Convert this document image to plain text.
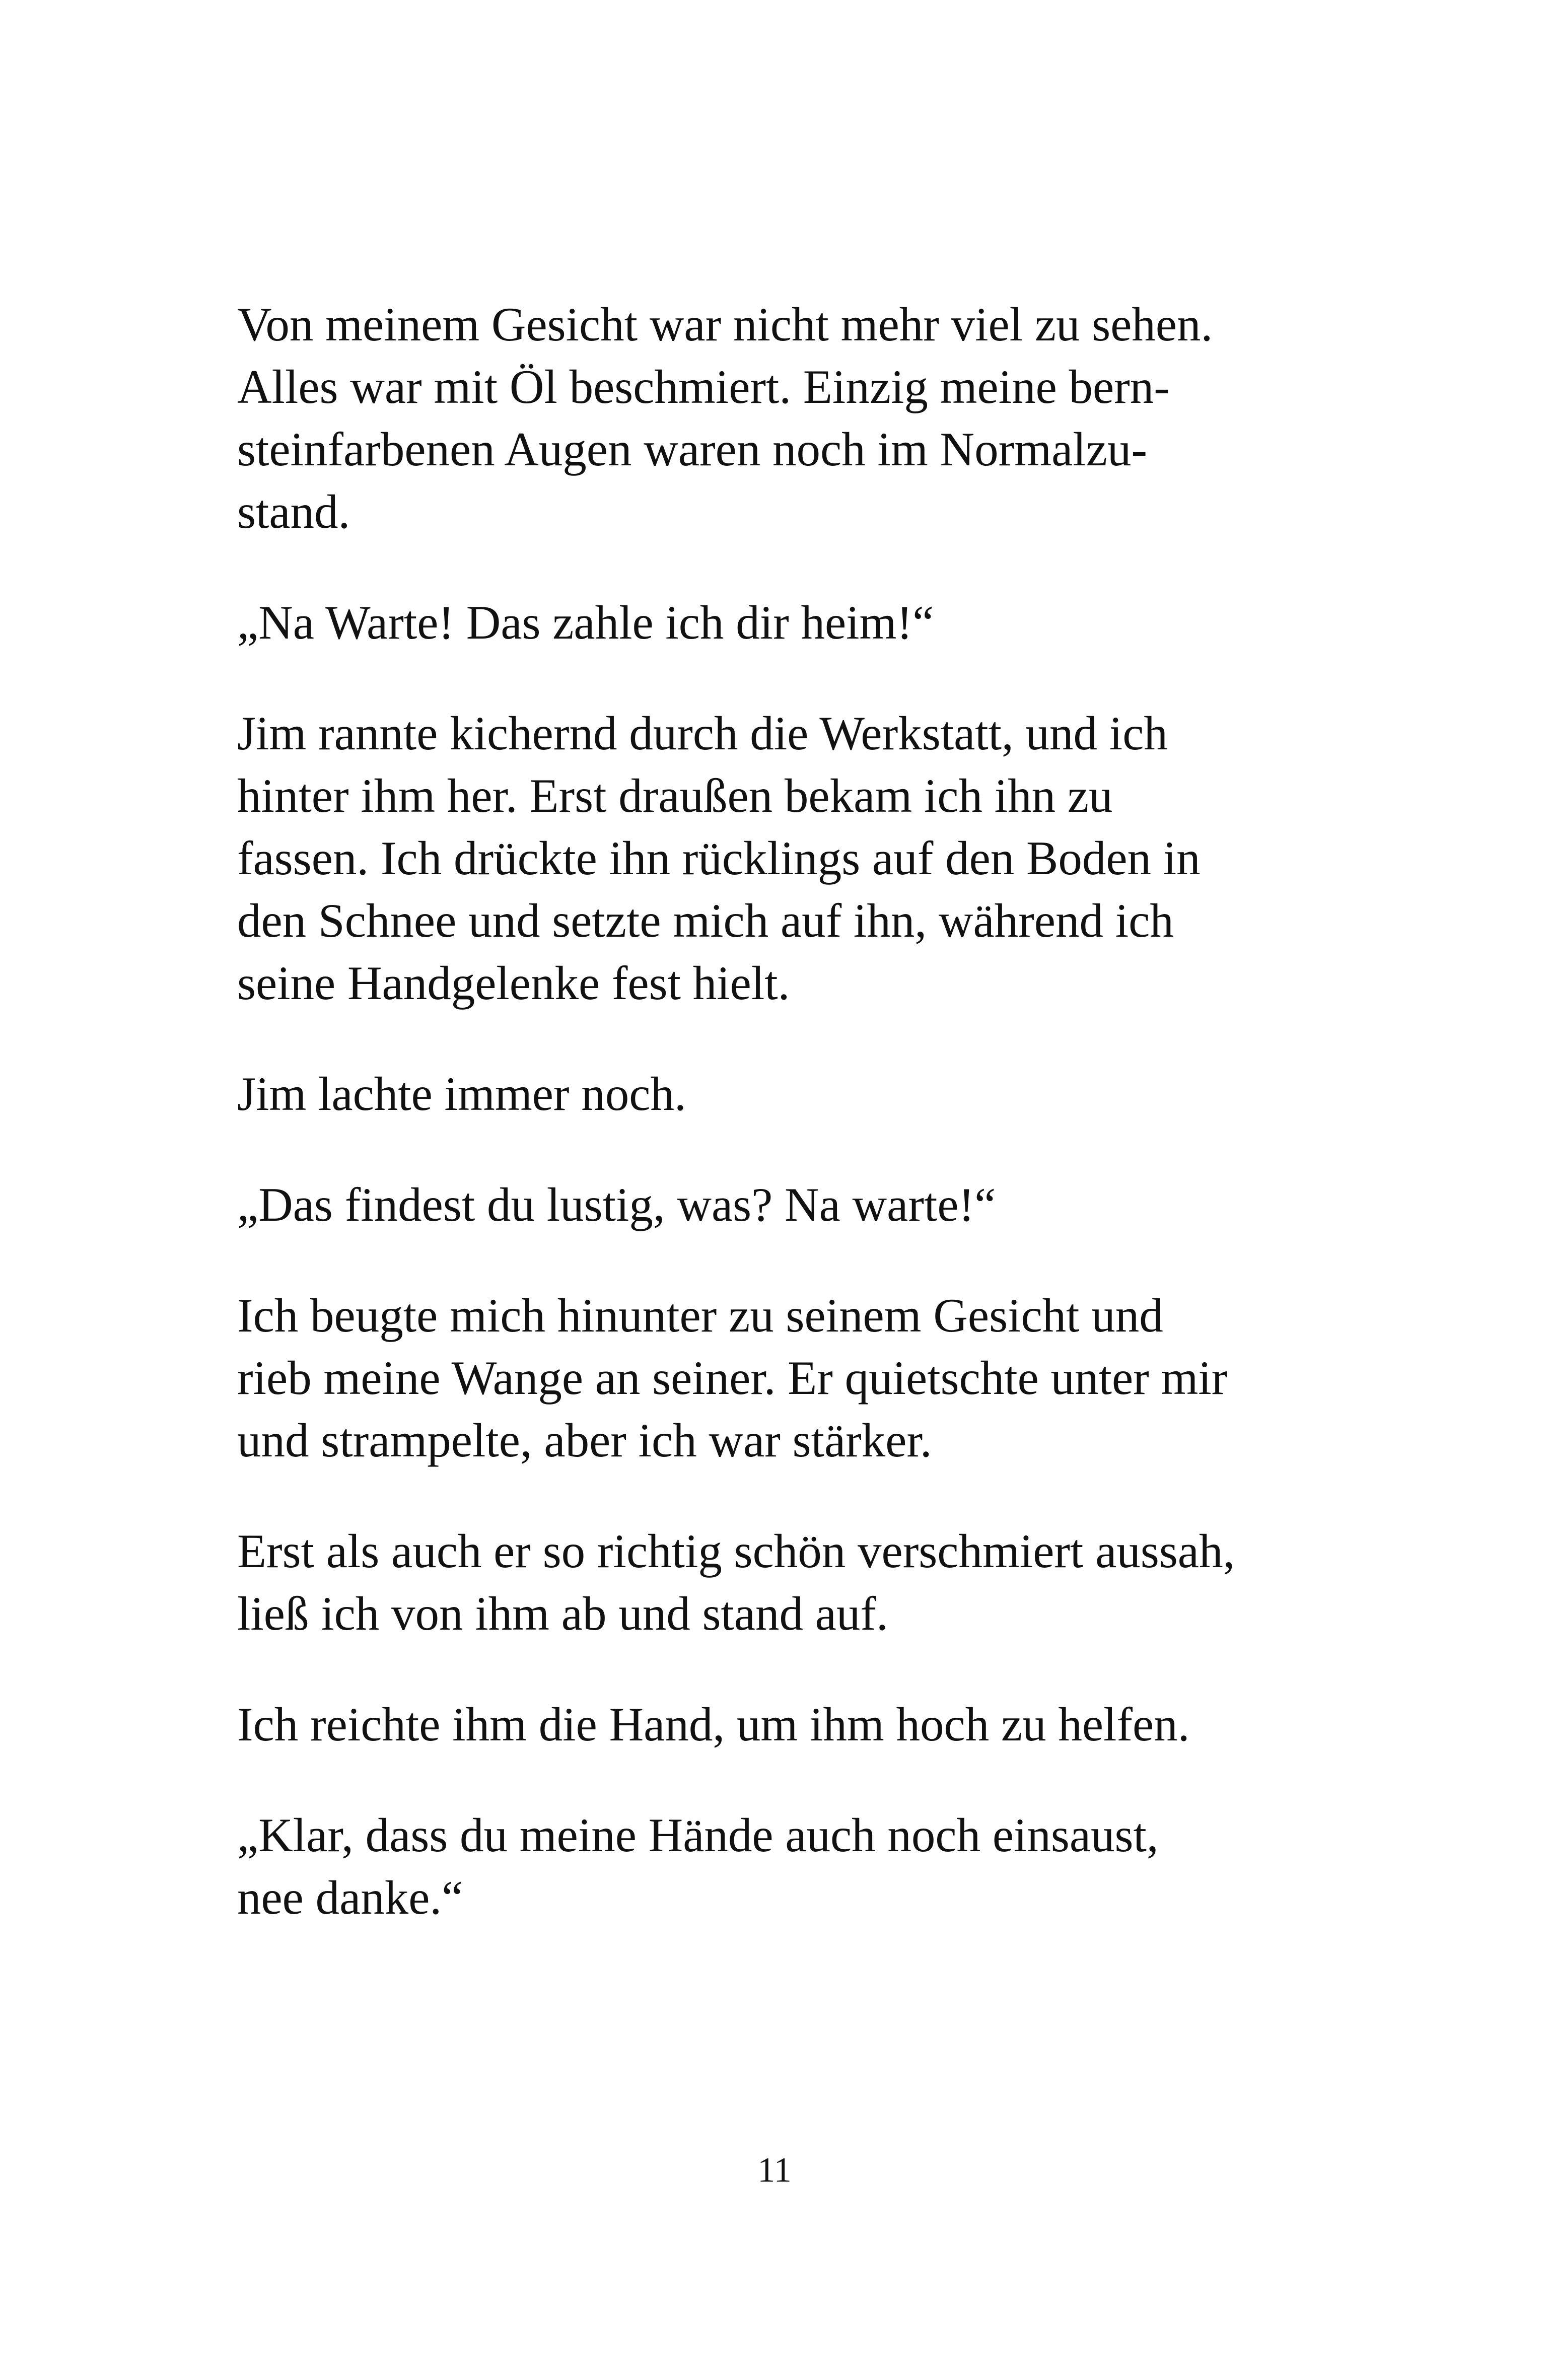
Von meinem Gesicht war nicht mehr viel zu sehen.
Alles war mit Öl beschmiert. Einzig meine bern-
steinfarbenen Augen waren noch im Normalzu-
stand.

„Na Warte! Das zahle ich dir heim!“

Jim rannte kichernd durch die Werkstatt, und ich
hinter ihm her. Erst draußen bekam ich ihn zu
fassen. Ich drückte ihn rücklings auf den Boden in
den Schnee und setzte mich auf ihn, während ich
seine Handgelenke fest hielt.

Jim lachte immer noch.

„Das findest du lustig, was? Na warte!“

Ich beugte mich hinunter zu seinem Gesicht und
rieb meine Wange an seiner. Er quietschte unter mir
und strampelte, aber ich war stärker.

Erst als auch er so richtig schön verschmiert aussah,
ließ ich von ihm ab und stand auf.

Ich reichte ihm die Hand, um ihm hoch zu helfen.

„Klar, dass du meine Hände auch noch einsaust,
nee danke.“

11
